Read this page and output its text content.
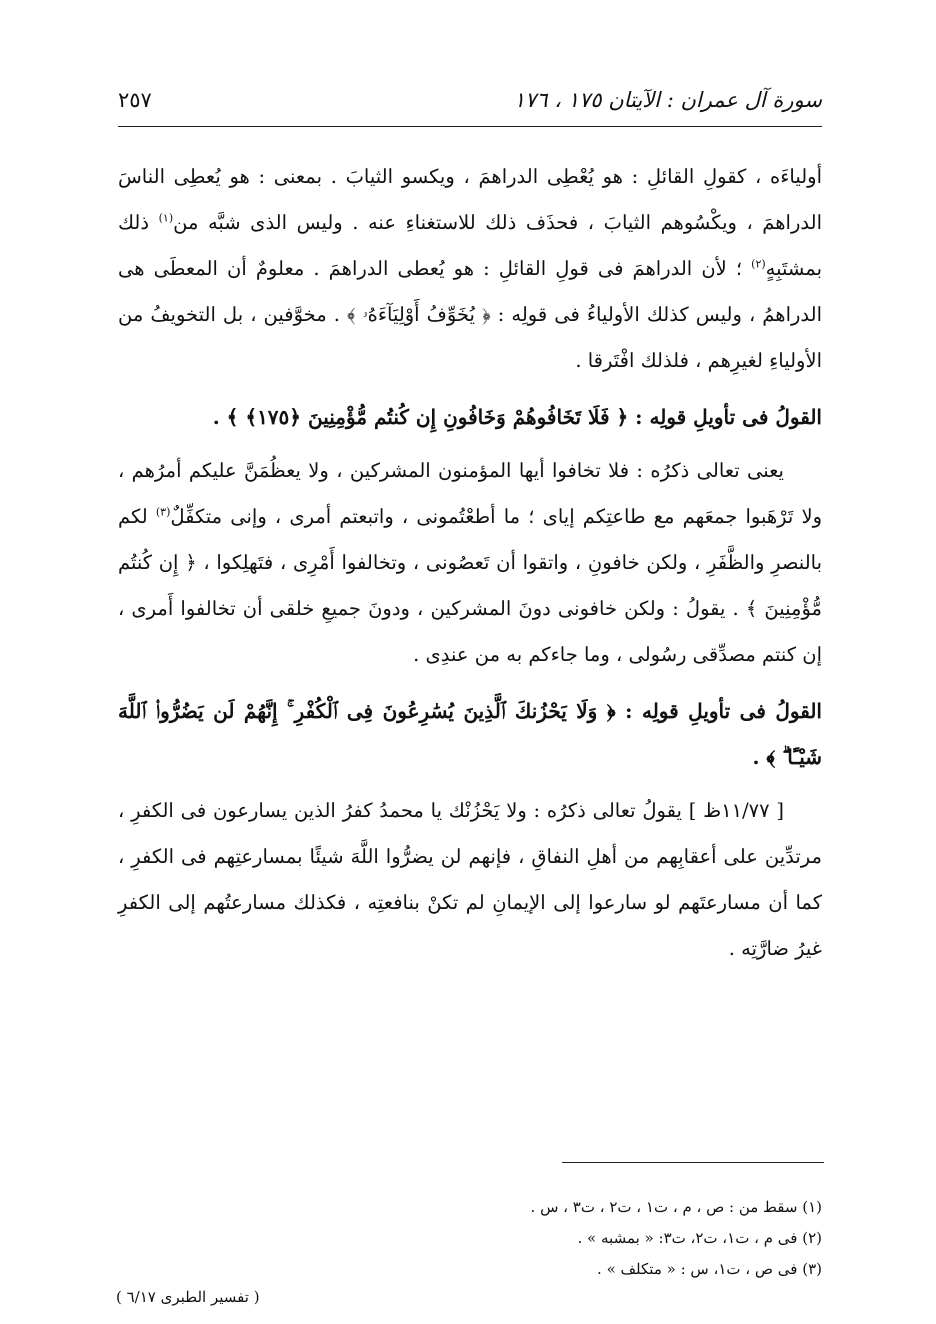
سورة آل عمران : الآيتان ١٧٥ ، ١٧٦
٢٥٧

أولياءَه ، كقولِ القائلِ : هو يُعْطِى الدراهمَ ، ويكسو الثيابَ . بمعنى : هو يُعطِى الناسَ الدراهمَ ، ويكْسُوهم الثيابَ ، فحذَف ذلك للاستغناءِ عنه . وليس الذى شبَّه من$^{(١)}$ ذلك بمشتَبِهٍ$^{(٢)}$ ؛ لأن الدراهمَ فى قولِ القائلِ : هو يُعطى الدراهمَ . معلومٌ أن المعطَى هى الدراهمُ ، وليس كذلك الأولياءُ فى قولِه : ﴿ يُخَوِّفُ أَوْلِيَآءَهُۥ ﴾ . مخوَّفين ، بل التخويفُ من الأولياءِ لغيرِهم ، فلذلك افْتَرقا .

القولُ فى تأويلِ قولِه : ﴿ فَلَا تَخَافُوهُمْ وَخَافُونِ إِن كُنتُم مُّؤْمِنِينَ ﴿١٧٥﴾ ﴾ .

يعنى تعالى ذكرُه : فلا تخافوا أيها المؤمنون المشركين ، ولا يعظُمَنَّ عليكم أمرُهم ، ولا تَرْهَبوا جمعَهم مع طاعتِكم إياى ؛ ما أطعْتُمونى ، واتبعتم أمرى ، وإنى متكفِّلٌ$^{(٣)}$ لكم بالنصرِ والظَّفَرِ ، ولكن خافونِ ، واتقوا أن تَعصُونى ، وتخالفوا أَمْرِى ، فتَهلِكوا ، ﴿ إِن كُنتُم مُّؤْمِنِينَ ﴾ . يقولُ : ولكن خافونى دونَ المشركين ، ودونَ جميعِ خلقى أن تخالفوا أَمرى ، إن كنتم مصدِّقى رسُولى ، وما جاءكم به من عندِى .

القولُ فى تأويلِ قولِه : ﴿ وَلَا يَحْزُنكَ ٱلَّذِينَ يُسَٰرِعُونَ فِى ٱلْكُفْرِ ۚ إِنَّهُمْ لَن يَضُرُّوا۟ ٱللَّهَ شَيْـًٔا ۗ ﴾ .

[ ١١/٧٧ظ ] يقولُ تعالى ذكرُه : ولا يَحْزُنْك يا محمدُ كفرُ الذين يسارعون فى الكفرِ ، مرتدِّين على أعقابِهم من أهلِ النفاقِ ، فإنهم لن يضرُّوا اللَّهَ شيئًا بمسارعتِهم فى الكفرِ ، كما أن مسارعتَهم لو سارعوا إلى الإيمانِ لم تكنْ بنافعتِه ، فكذلك مسارعتُهم إلى الكفرِ غيرُ ضارَّتِه .

(١) سقط من : ص ، م ، ت١ ، ت٢ ، ت٣ ، س .
(٢) فى م ، ت١، ت٢، ت٣: « بمشبه » .
(٣) فى ص ، ت١، س : « متكلف » .
( تفسير الطبرى ٦/١٧ )
